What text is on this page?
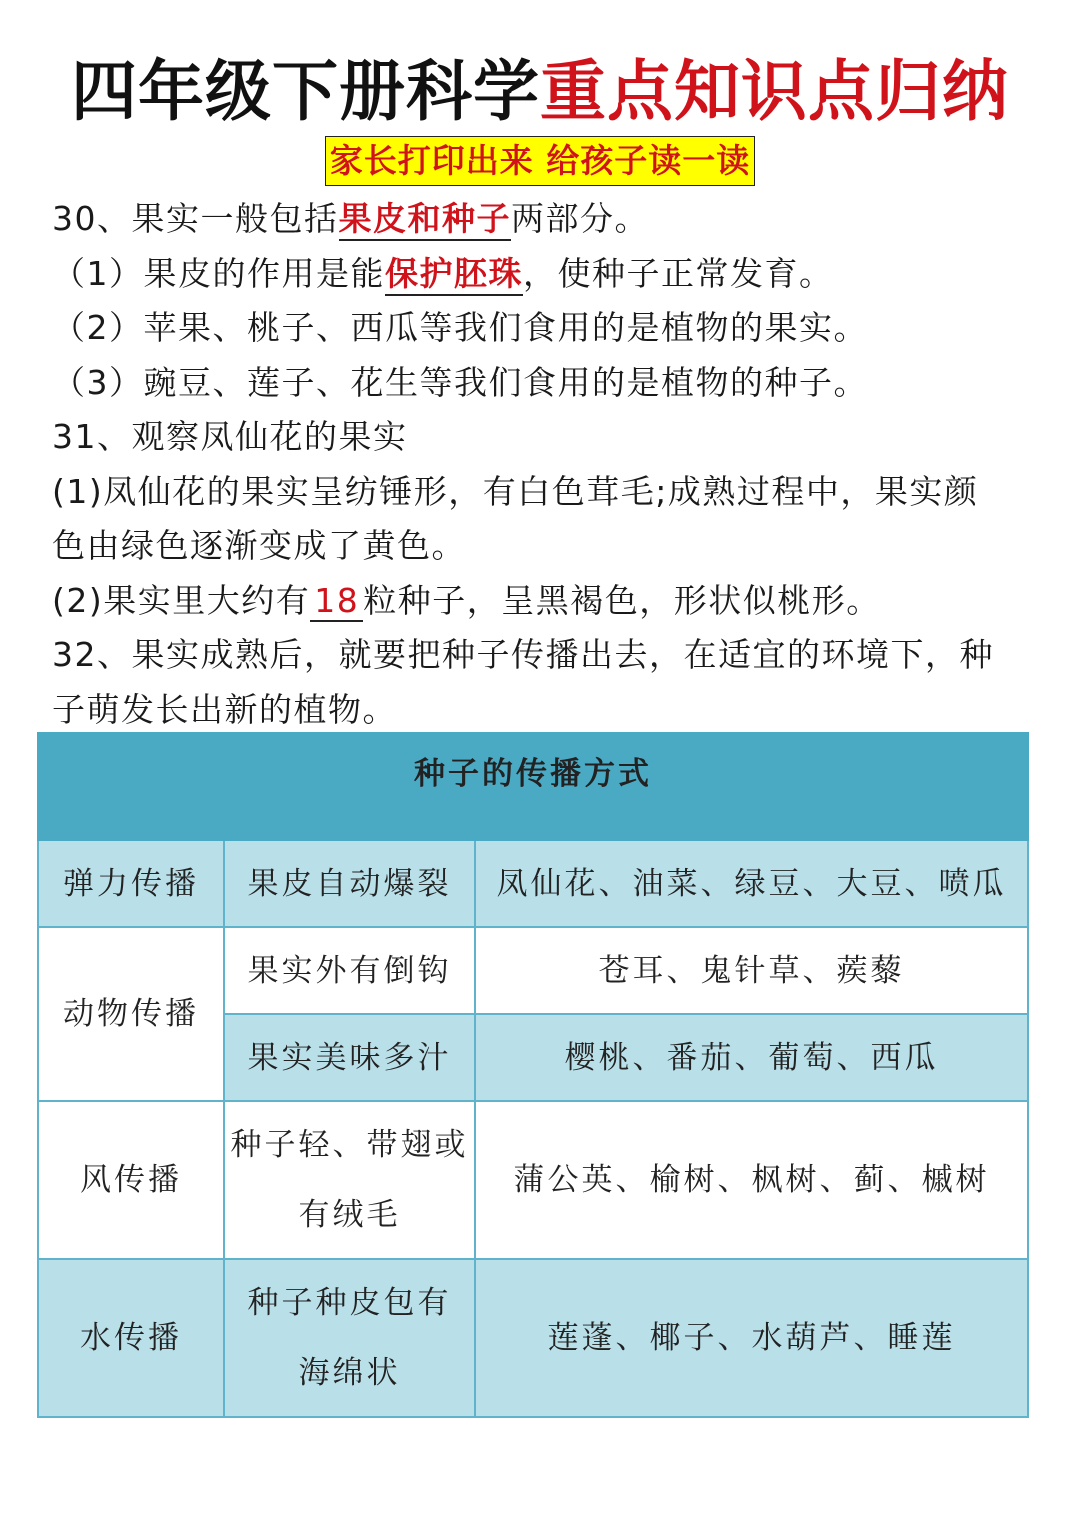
四年级下册科学重点知识点归纳
家长打印出来 给孩子读一读
30、果实一般包括果皮和种子两部分。
（1）果皮的作用是能保护胚珠，使种子正常发育。
（2）苹果、桃子、西瓜等我们食用的是植物的果实。
（3）豌豆、莲子、花生等我们食用的是植物的种子。
31、观察凤仙花的果实
(1)凤仙花的果实呈纺锤形，有白色茸毛;成熟过程中，果实颜
色由绿色逐渐变成了黄色。
(2)果实里大约有 18 粒种子，呈黑褐色，形状似桃形。
32、果实成熟后，就要把种子传播出去，在适宜的环境下，种
子萌发长出新的植物。
种子的传播方式		
弹力传播	果皮自动爆裂	凤仙花、油菜、绿豆、大豆、喷瓜
动物传播	果实外有倒钩	苍耳、鬼针草、蒺藜
	果实美味多汁	樱桃、番茄、葡萄、西瓜
风传播	种子轻、带翅或
有绒毛	蒲公英、榆树、枫树、蓟、槭树
水传播	种子种皮包有
海绵状	莲蓬、椰子、水葫芦、睡莲
